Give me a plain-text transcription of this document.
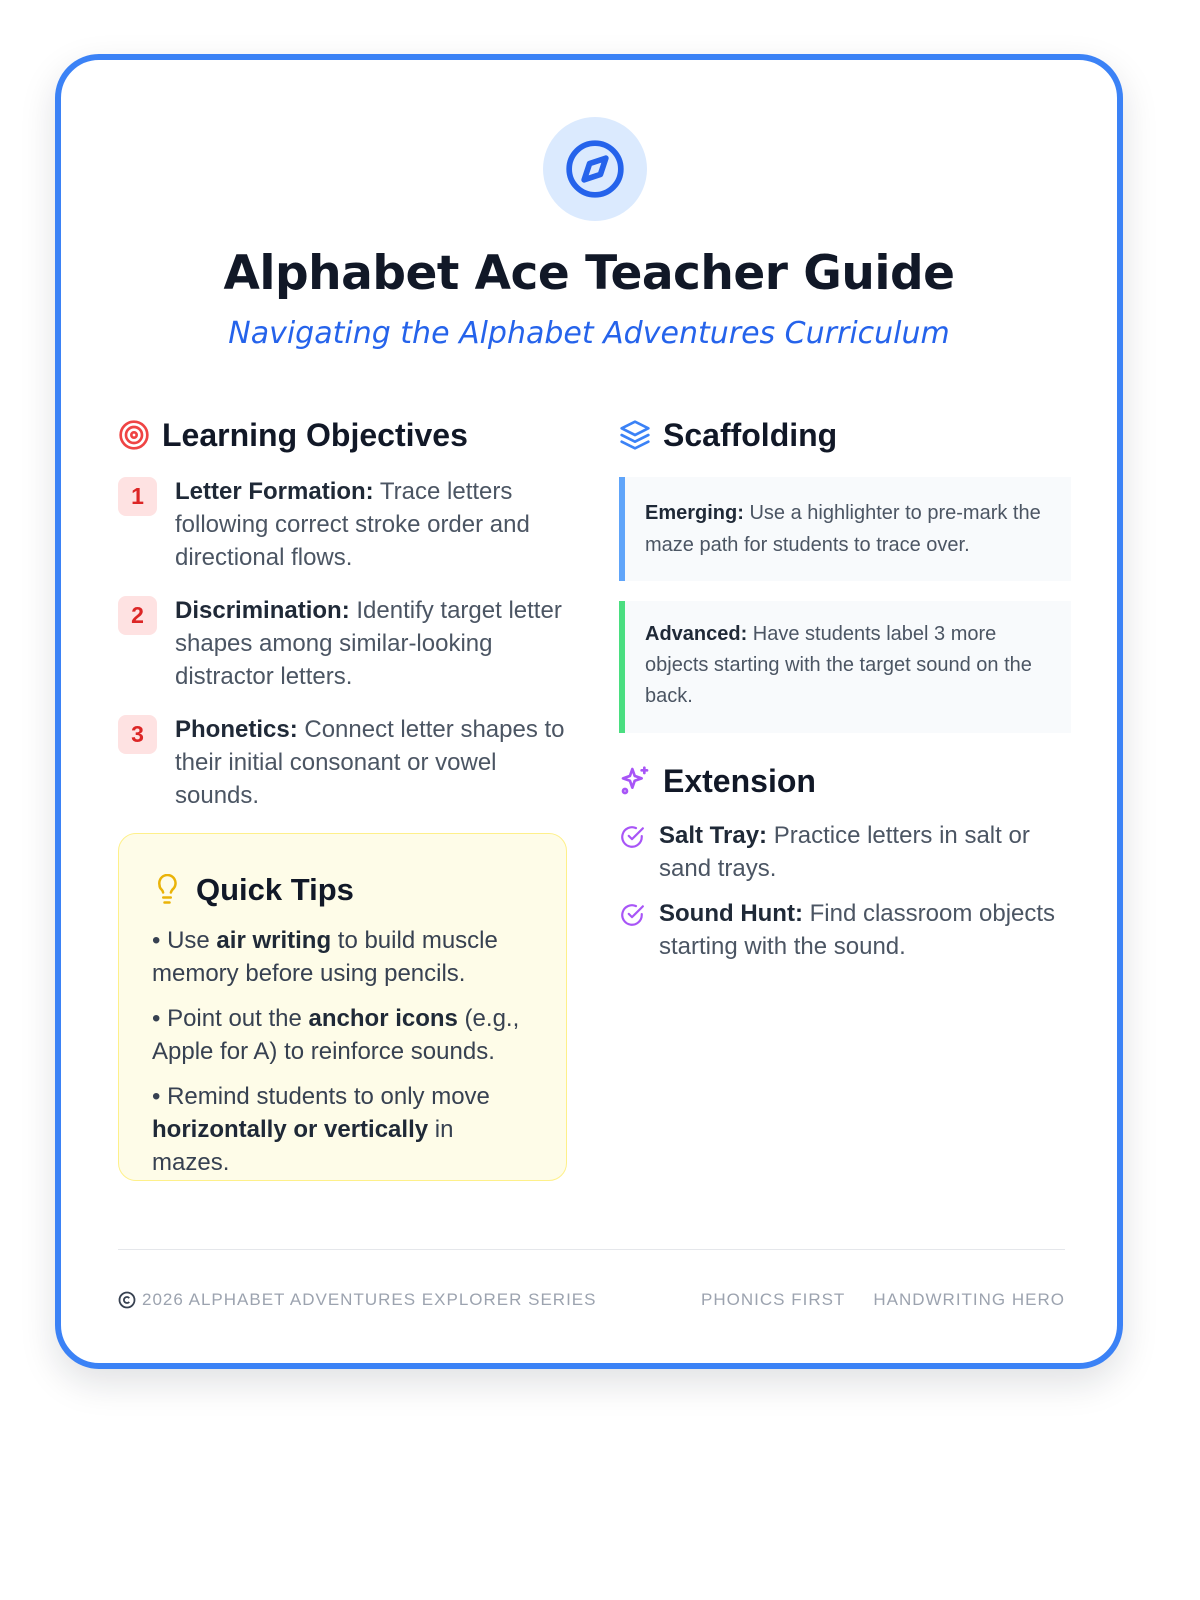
Alphabet Ace Teacher Guide

Navigating the Alphabet Adventures Curriculum

Learning Objectives
1	Letter Formation: Trace letters following correct stroke order and directional flows.
2	Discrimination: Identify target letter shapes among similar-looking distractor letters.
3	Phonetics: Connect letter shapes to their initial consonant or vowel sounds.
Quick Tips
• Use air writing to build muscle memory before using pencils.
• Point out the anchor icons (e.g., Apple for A) to reinforce sounds.
• Remind students to only move horizontally or vertically in mazes.
Scaffolding
Emerging: Use a highlighter to pre-mark the maze path for students to trace over.
Advanced: Have students label 3 more objects starting with the target sound on the back.
Extension
Salt Tray: Practice letters in salt or sand trays.
Sound Hunt: Find classroom objects starting with the sound.
2026 ALPHABET ADVENTURES EXPLORER SERIES	PHONICS FIRST HANDWRITING HERO
